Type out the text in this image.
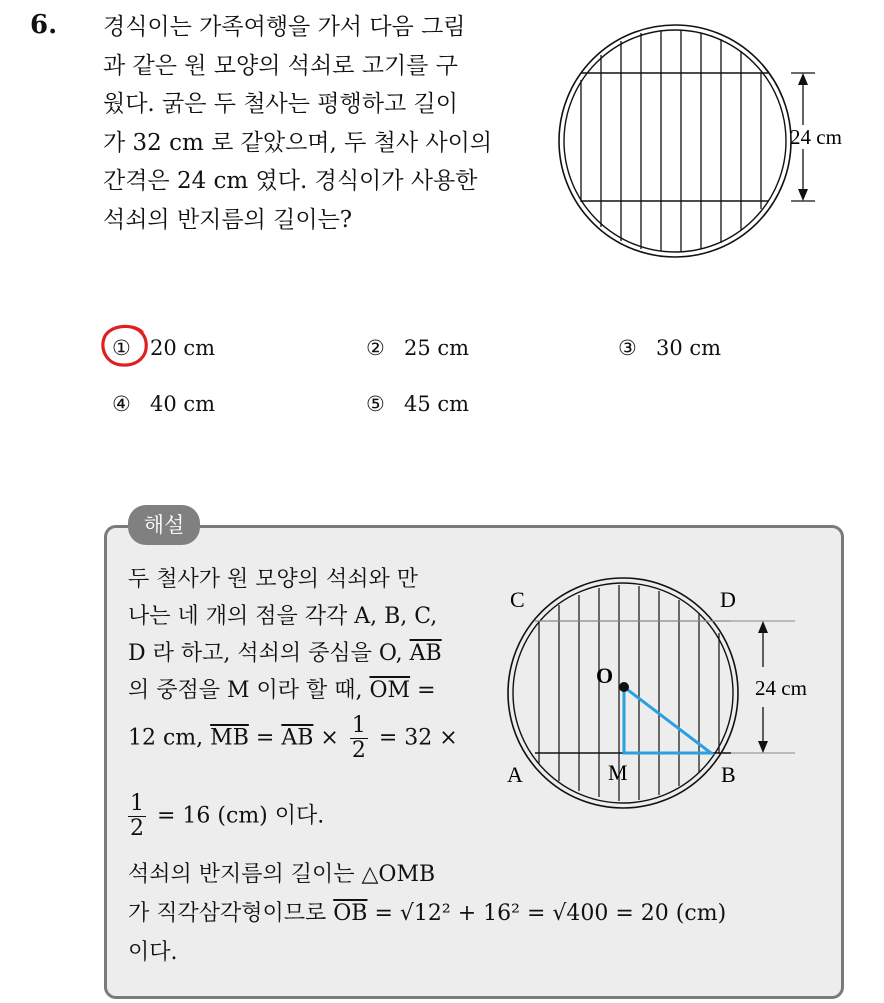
6. 경식이는 가족여행을 가서 다음 그림
과 같은 원 모양의 석쇠로 고기를 구
웠다. 굵은 두 철사는 평행하고 길이
가 32 cm 로 같았으며, 두 철사 사이의
간격은 24 cm 였다. 경식이가 사용한
석쇠의 반지름의 길이는?
24 cm
① 20 cm	② 25 cm	③ 30 cm
④ 40 cm	⑤ 45 cm
해설
두 철사가 원 모양의 석쇠와 만
나는 네 개의 점을 각각 A, B, C,
D 라 하고, 석쇠의 중심을 O, $\overline{AB}$
의 중점을 M 이라 할 때, $\overline{OM}$ =
12 cm, $\overline{MB} = \overline{AB} \times \frac{1}{2} = 32$ ×
$\frac{1}{2} = 16$ (cm) 이다.
석쇠의 반지름의 길이는 △OMB
가 직각삼각형이므로 $\overline{OB} = √12^2 + 16^2 = √400 = 20$ (cm)
이다.
C	D
A	B
O
M
24 cm
